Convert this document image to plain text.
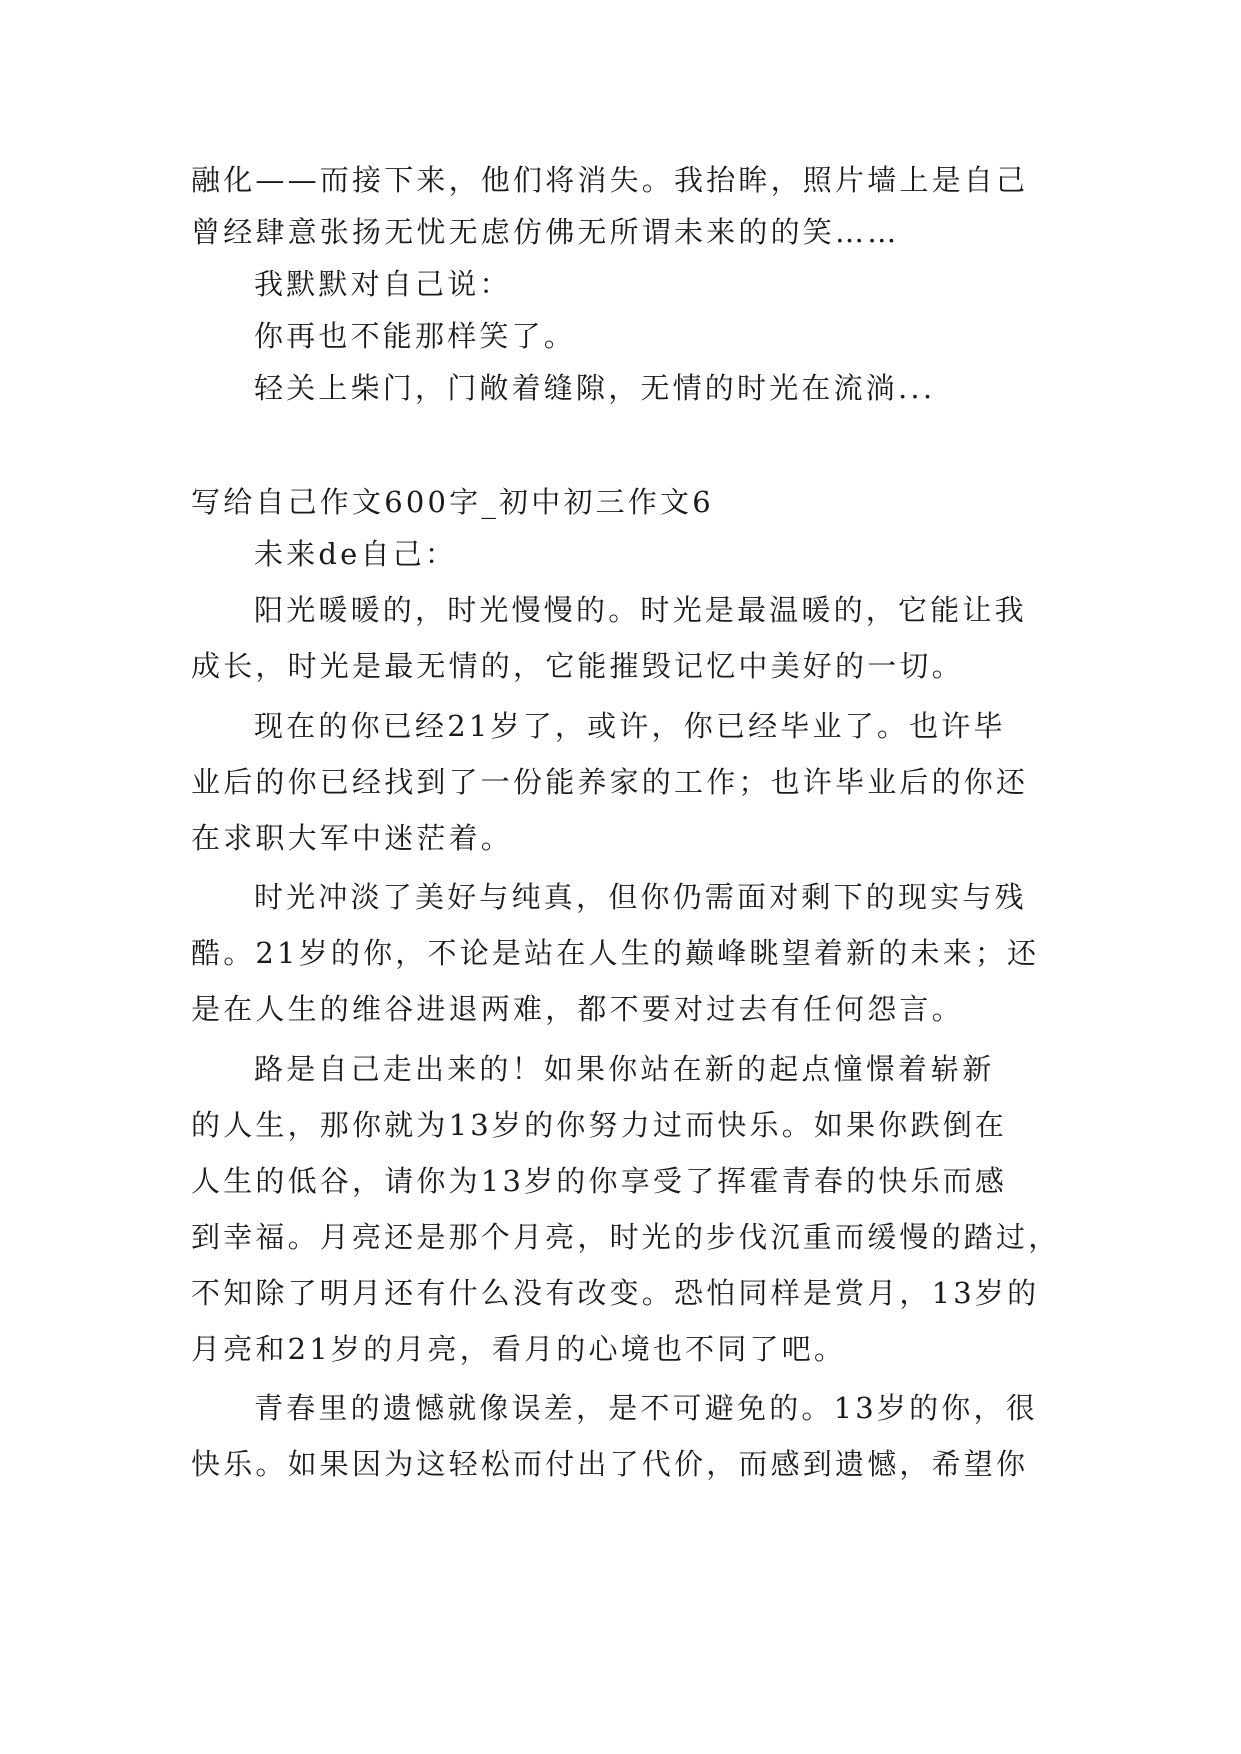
融化——而接下来，他们将消失。我抬眸，照片墙上是自己
曾经肆意张扬无忧无虑仿佛无所谓未来的的笑……
我默默对自己说：
你再也不能那样笑了。
轻关上柴门，门敞着缝隙，无情的时光在流淌...
写给自己作文600字_初中初三作文6
未来de自己：
阳光暖暖的，时光慢慢的。时光是最温暖的，它能让我
成长，时光是最无情的，它能摧毁记忆中美好的一切。
现在的你已经21岁了，或许，你已经毕业了。也许毕
业后的你已经找到了一份能养家的工作；也许毕业后的你还
在求职大军中迷茫着。
时光冲淡了美好与纯真，但你仍需面对剩下的现实与残
酷。21岁的你，不论是站在人生的巅峰眺望着新的未来；还
是在人生的维谷进退两难，都不要对过去有任何怨言。
路是自己走出来的！如果你站在新的起点憧憬着崭新
的人生，那你就为13岁的你努力过而快乐。如果你跌倒在
人生的低谷，请你为13岁的你享受了挥霍青春的快乐而感
到幸福。月亮还是那个月亮，时光的步伐沉重而缓慢的踏过，
不知除了明月还有什么没有改变。恐怕同样是赏月，13岁的
月亮和21岁的月亮，看月的心境也不同了吧。
青春里的遗憾就像误差，是不可避免的。13岁的你，很
快乐。如果因为这轻松而付出了代价，而感到遗憾，希望你
